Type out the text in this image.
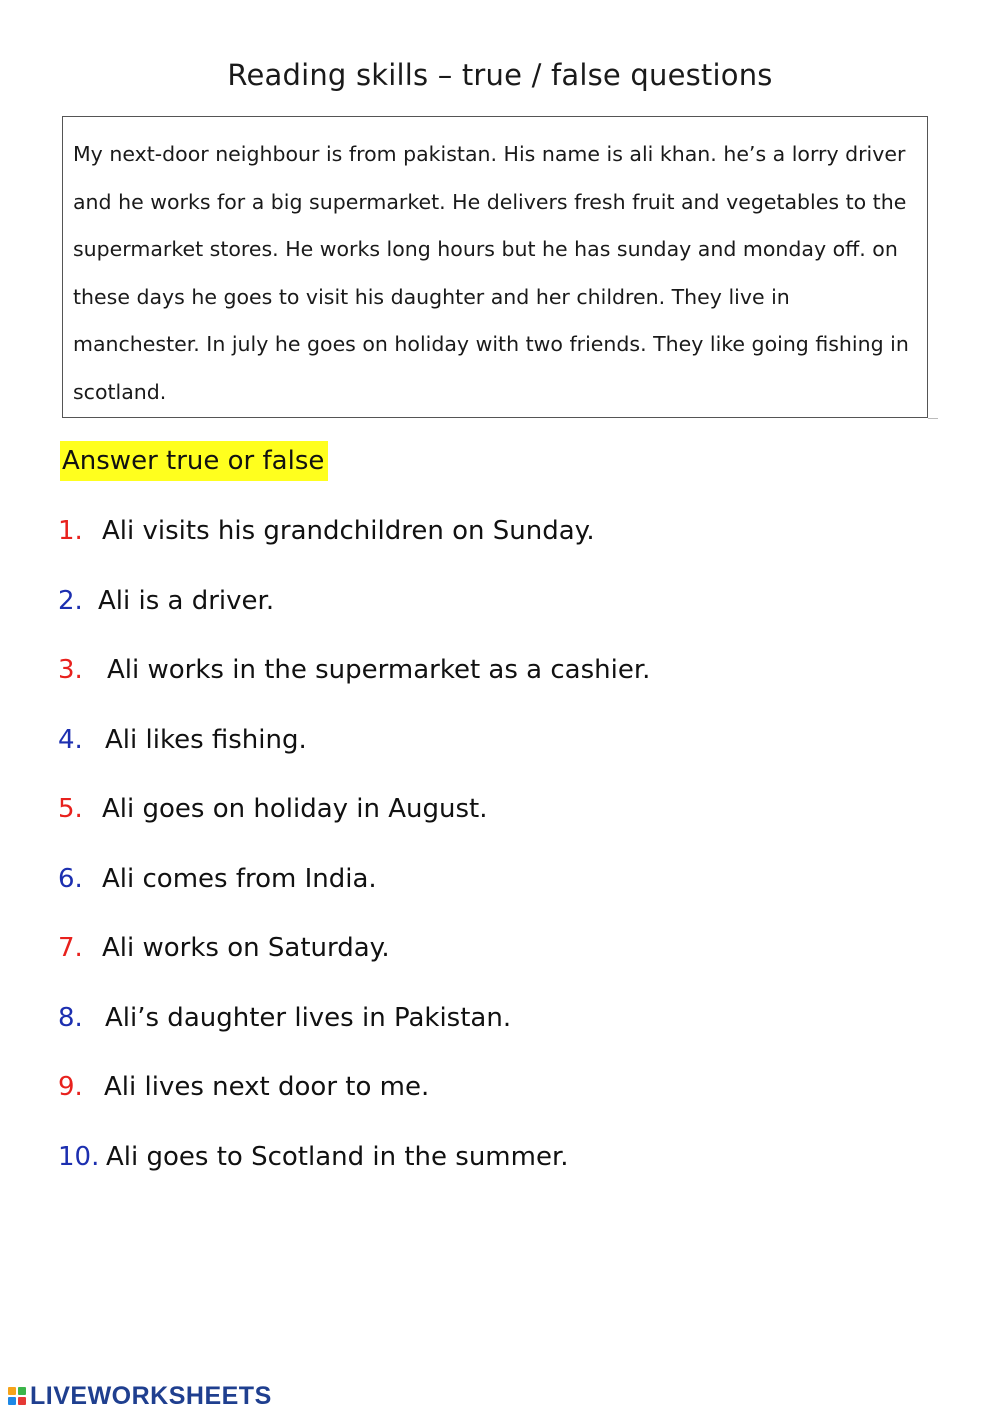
Reading skills – true / false questions

My next-door neighbour is from pakistan. His name is ali khan. he’s a lorry driver and he works for a big supermarket. He delivers fresh fruit and vegetables to the supermarket stores. He works long hours but he has sunday and monday off. on these days he goes to visit his daughter and her children. They live in manchester. In july he goes on holiday with two friends. They like going fishing in scotland.

Answer true or false
1. Ali visits his grandchildren on Sunday.
2. Ali is a driver.
3. Ali works in the supermarket as a cashier.
4. Ali likes fishing.
5. Ali goes on holiday in August.
6. Ali comes from India.
7. Ali works on Saturday.
8. Ali’s daughter lives in Pakistan.
9. Ali lives next door to me.
10. Ali goes to Scotland in the summer.
LIVEWORKSHEETS
